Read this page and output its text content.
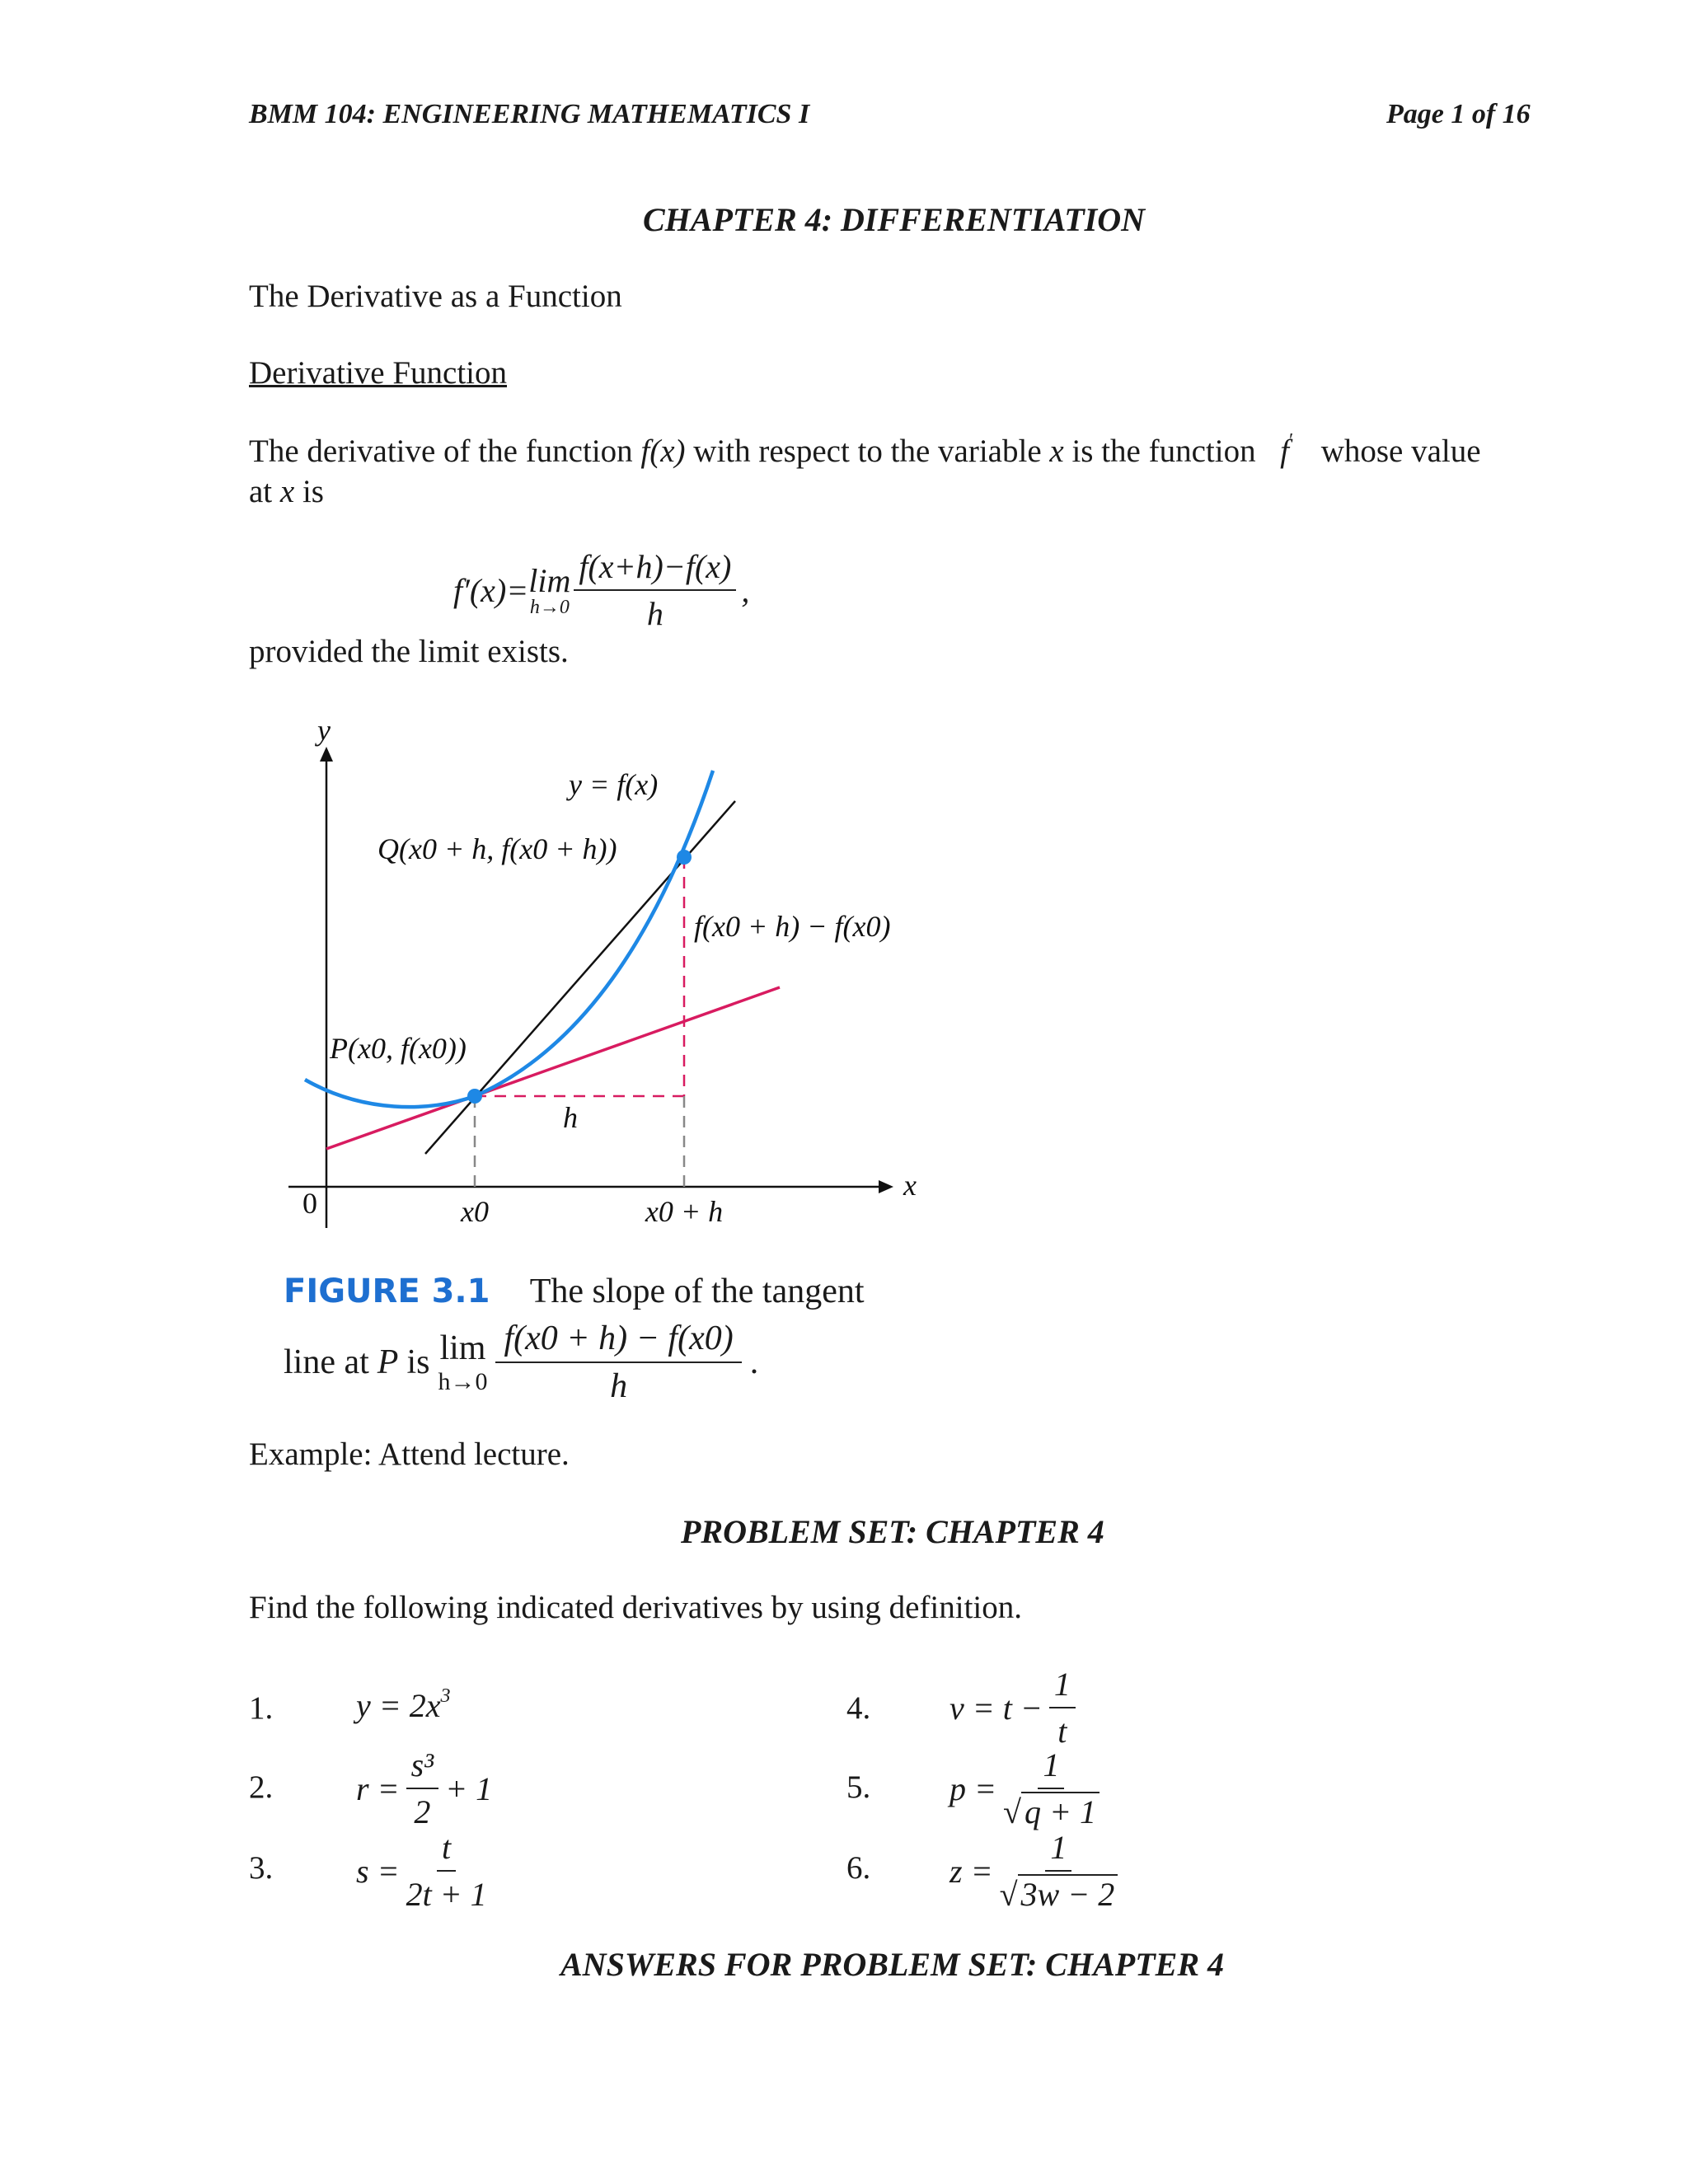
BMM 104: ENGINEERING MATHEMATICS I	Page 1 of 16
CHAPTER 4: DIFFERENTIATION
The Derivative as a Function
Derivative Function
The derivative of the function f(x) with respect to the variable x is the function f′ whose value
at x is
f′(x)= lim
$h\to 0 \frac{f(x+h)-f(x)}{h}$ ,
provided the limit exists.
y
x
0
y = f(x)
Q(x0 + h, f(x0 + h))
f(x0 + h) − f(x0)
P(x0, f(x0))
h
x0	x0 + h
FIGURE 3.1 The slope of the tangent
line at P is lim
$h\to 0 \frac{f(x0 + h) - f(x0)}{h}$ .
Example: Attend lecture.
PROBLEM SET: CHAPTER 4
Find the following indicated derivatives by using definition.
1.	$y = 2x^3$
2.	$r = \frac{\text{s³}}{2} + 1$
3.	$s = \frac{t}{2t + 1}$
4. $v = t - \frac{1}{t}$
5. $p = \frac{1}{√ q + 1}$
6. $z = \frac{1}{√ 3w - 2}$
ANSWERS FOR PROBLEM SET: CHAPTER 4
